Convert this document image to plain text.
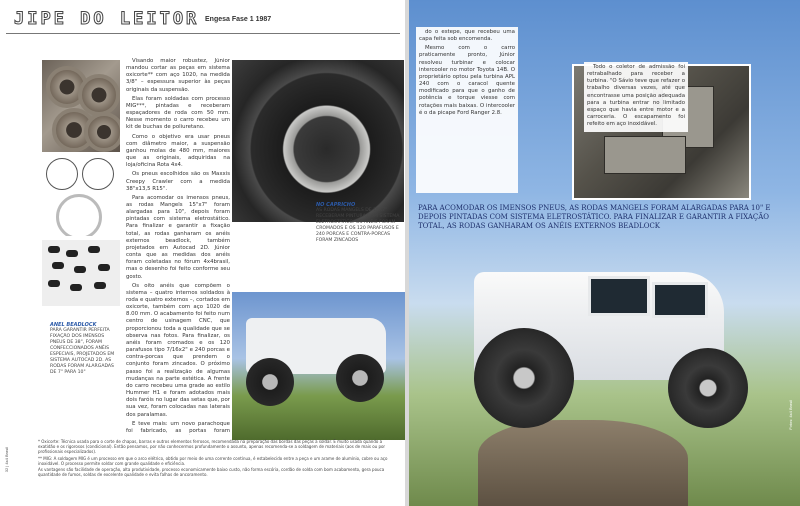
JIPE DO LEITOR Engesa Fase 1 1987
ANEL BEADLOCK
PARA GARANTIR PERFEITA FIXAÇÃO DOS IMENSOS PNEUS DE 38", FORAM CONFECCIONADOS ANÉIS ESPECIAIS, PROJETADOS EM SISTEMA AUTOCAD 2D. AS RODAS FORAM ALARGADAS DE 7" PARA 10"

Visando maior robustez, Júnior mandou cortar as peças em sistema oxicorte** com aço 1020, na medida 3/8" – espessura superior às peças originais da suspensão.

Elas foram soldadas com processo MIG***, pintadas e receberam espaçadores de roda com 50 mm. Nesse momento o carro recebeu um kit de buchas de poliuretano.

Como o objetivo era usar pneus com diâmetro maior, a suspensão ganhou molas de 480 mm, maiores que as originais, adquiridas na loja/oficina Rota 4x4.

Os pneus escolhidos são os Maxxis Creepy Crawler com a medida 38"x13,5 R15".

Para acomodar os imensos pneus, as rodas Mangels 15"x7" foram alargadas para 10", depois foram pintadas com sistema eletrostático. Para finalizar e garantir a fixação total, as rodas ganharam os anéis externos beadlock, também projetados em Autocad 2D. Júnior conta que as medidas dos anéis foram coletadas no fórum 4x4brasil, mas o desenho foi feito conforme seu gosto.

Os oito anéis que compõem o sistema – quatro internos soldados à roda e quatro externos –, cortados em oxicorte, também com aço 1020 de 8.00 mm. O acabamento foi feito num centro de usinagem CNC, que proporcionou toda a qualidade que se observa nas fotos. Para finalizar, os anéis foram cromados e os 120 parafusos tipo 7/16x2" e 240 porcas e contra-porcas que prendem o conjunto foram zincados. O próximo passo foi a realização de algumas mudanças na parte estética. A frente do carro recebeu uma grade ao estilo Hummer H1 e foram adotados mais dois faróis no lugar das setas que, por sua vez, foram colocadas nas laterais dos paralamas.

E teve mais: um novo parachoque foi fabricado, as portas foram

NO CAPRICHO
AS RODAS MANGELS DE 15X7" RECEBERAM PINTURA COM SISTEMA ELETROSTÁTICO. OS ANÉIS FORAM CROMADOS E OS 120 PARAFUSOS E 240 PORCAS E CONTRA-PORCAS FORAM ZINCADOS

* Oxicorte: Técnica usada para o corte de chapas, barras e outros elementos ferrosos, recomendada na preparação das bordas das peças a soldar. É muito usada quando a exatidão e os rigorosos (condicional). Então pensamos, por não conhecermos profundamente o assunto, apenas recomenda-se a soldagem de materiais (aos de mais ou por profissionais especializados).

** MIG: A soldagem MIG é um processo em que o arco elétrico, obtido por meio de uma corrente contínua, é estabelecido entre a peça e um arame de alumínio, cobre ou aço inoxidável. O processo permite soldar com grande qualidade e eficiência.

As vantagens são facilidade de operação, alta produtividade, processo economicamente baixo custo, não forma escória, cordão de solda com bom acabamento, gera pouca quantidade de fumos, soldas de excelente qualidade e evita falhas de ancoramento.

32 | 4x4 Brasil

do o estepe, que recebeu uma capa feita sob encomenda.

Mesmo com o carro praticamente pronto, Júnior resolveu turbinar e colocar intercooler no motor Toyota 14B. O proprietário optou pela turbina APL 240 com o caracol quente modificado para que o ganho de potência e torque viesse com rotações mais baixas. O intercooler é o da picape Ford Ranger 2.8.

Todo o coletor de admissão foi retrabalhado para receber a turbina. "O Sávio teve que refazer o trabalho diversas vezes, até que encontrasse uma posição adequada para a turbina entrar no limitado espaço que havia entre motor e a carroceria. O escapamento foi refeito em aço inoxidável.

PARA ACOMODAR OS IMENSOS PNEUS, AS RODAS MANGELS FORAM ALARGADAS PARA 10" E DEPOIS PINTADAS COM SISTEMA ELETROSTÁTICO. PARA FINALIZAR E GARANTIR A FIXAÇÃO TOTAL, AS RODAS GANHARAM OS ANÉIS EXTERNOS BEADLOCK
Fotos: 4x4 Brasil
